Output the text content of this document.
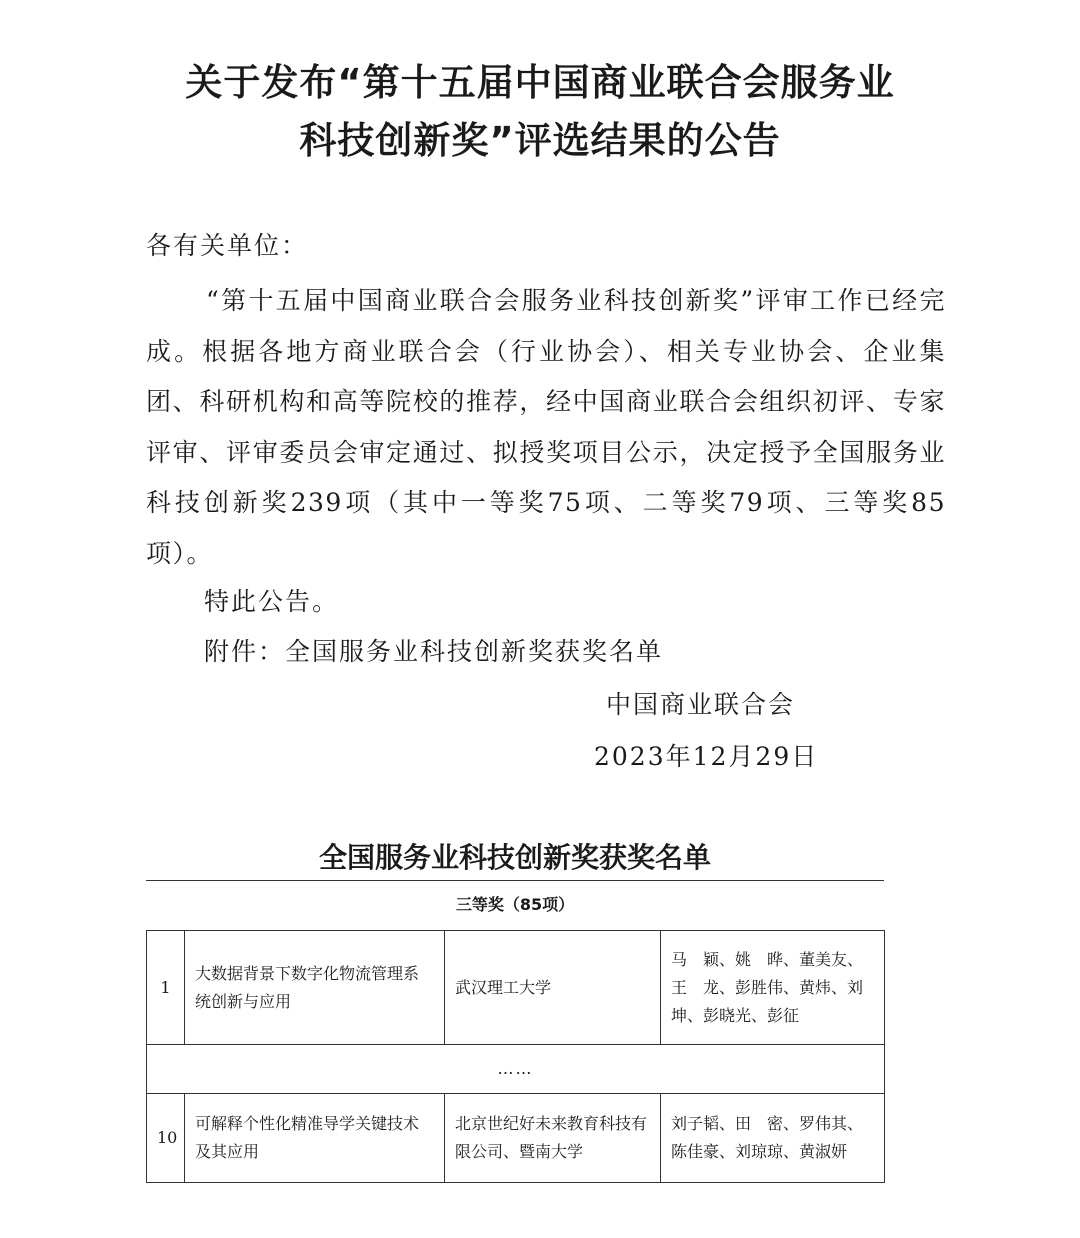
关于发布“第十五届中国商业联合会服务业
科技创新奖”评选结果的公告
各有关单位：
“第十五届中国商业联合会服务业科技创新奖”评审工作已经完成。根据各地方商业联合会（行业协会）、相关专业协会、企业集团、科研机构和高等院校的推荐，经中国商业联合会组织初评、专家评审、评审委员会审定通过、拟授奖项目公示，决定授予全国服务业科技创新奖239项（其中一等奖75项、二等奖79项、三等奖85项）。
特此公告。
附件：全国服务业科技创新奖获奖名单
中国商业联合会
2023年12月29日
全国服务业科技创新奖获奖名单
三等奖（85项）
1	大数据背景下数字化物流管理系统创新与应用	武汉理工大学	马　颖、姚　晔、董美友、王　龙、彭胜伟、黄炜、刘　坤、彭晓光、彭征
……			
10	可解释个性化精准导学关键技术及其应用	北京世纪好未来教育科技有限公司、暨南大学	刘子韬、田　密、罗伟其、陈佳豪、刘琼琼、黄淑妍
